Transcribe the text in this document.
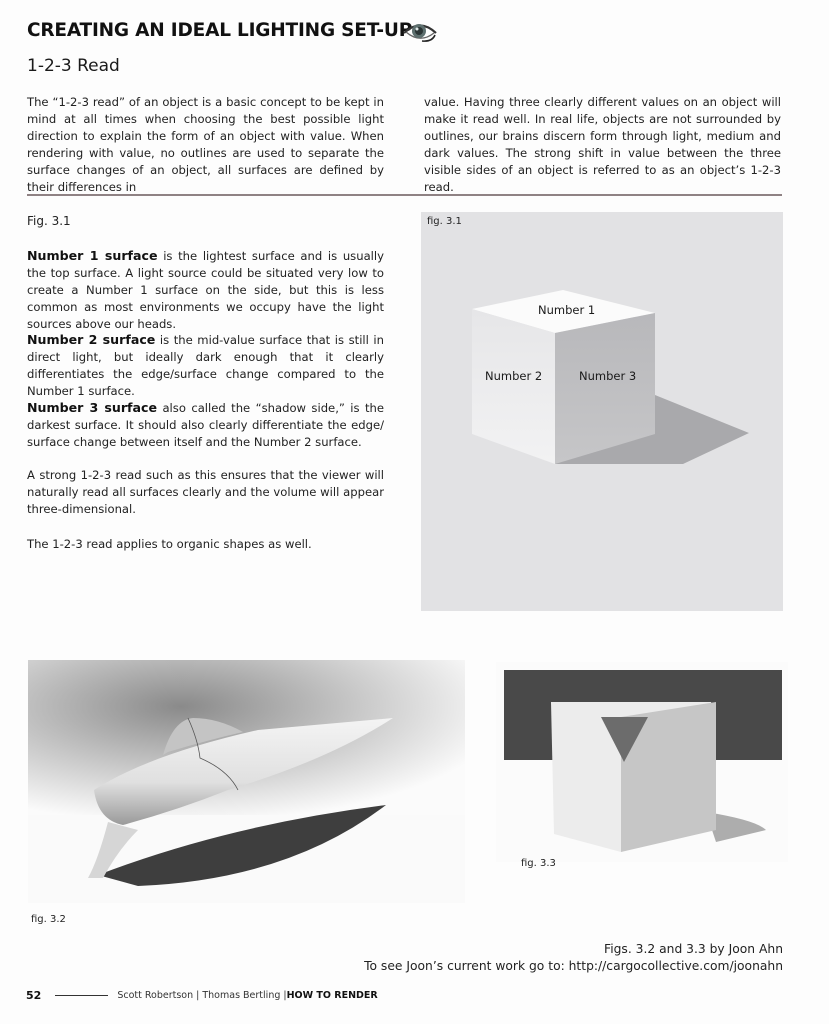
CREATING AN IDEAL LIGHTING SET-UP
1-2-3 Read
The “1-2-3 read” of an object is a basic concept to be kept in mind at all times when choosing the best possible light direction to explain the form of an object with value. When rendering with value, no outlines are used to separate the surface changes of an object, all surfaces are defined by their differences in
value. Having three clearly different values on an object will make it read well. In real life, objects are not surrounded by outlines, our brains discern form through light, medium and dark values. The strong shift in value between the three visible sides of an object is referred to as an object’s 1-2-3 read.
Fig. 3.1
Number 1 surface is the lightest surface and is usually the top surface. A light source could be situated very low to create a Number 1 surface on the side, but this is less common as most environments we occupy have the light sources above our heads.
Number 2 surface is the mid-value surface that is still in direct light, but ideally dark enough that it clearly differentiates the edge/surface change compared to the Number 1 surface.
Number 3 surface also called the “shadow side,” is the darkest surface. It should also clearly differentiate the edge/ surface change between itself and the Number 2 surface.
A strong 1-2-3 read such as this ensures that the viewer will naturally read all surfaces clearly and the volume will appear three-dimensional.
The 1-2-3 read applies to organic shapes as well.
fig. 3.1
Number 1
Number 2	Number 3
fig. 3.2
fig. 3.3
Figs. 3.2 and 3.3 by Joon Ahn
To see Joon’s current work go to: http://cargocollective.com/joonahn
52	Scott Robertson | Thomas Bertling | HOW TO RENDER
